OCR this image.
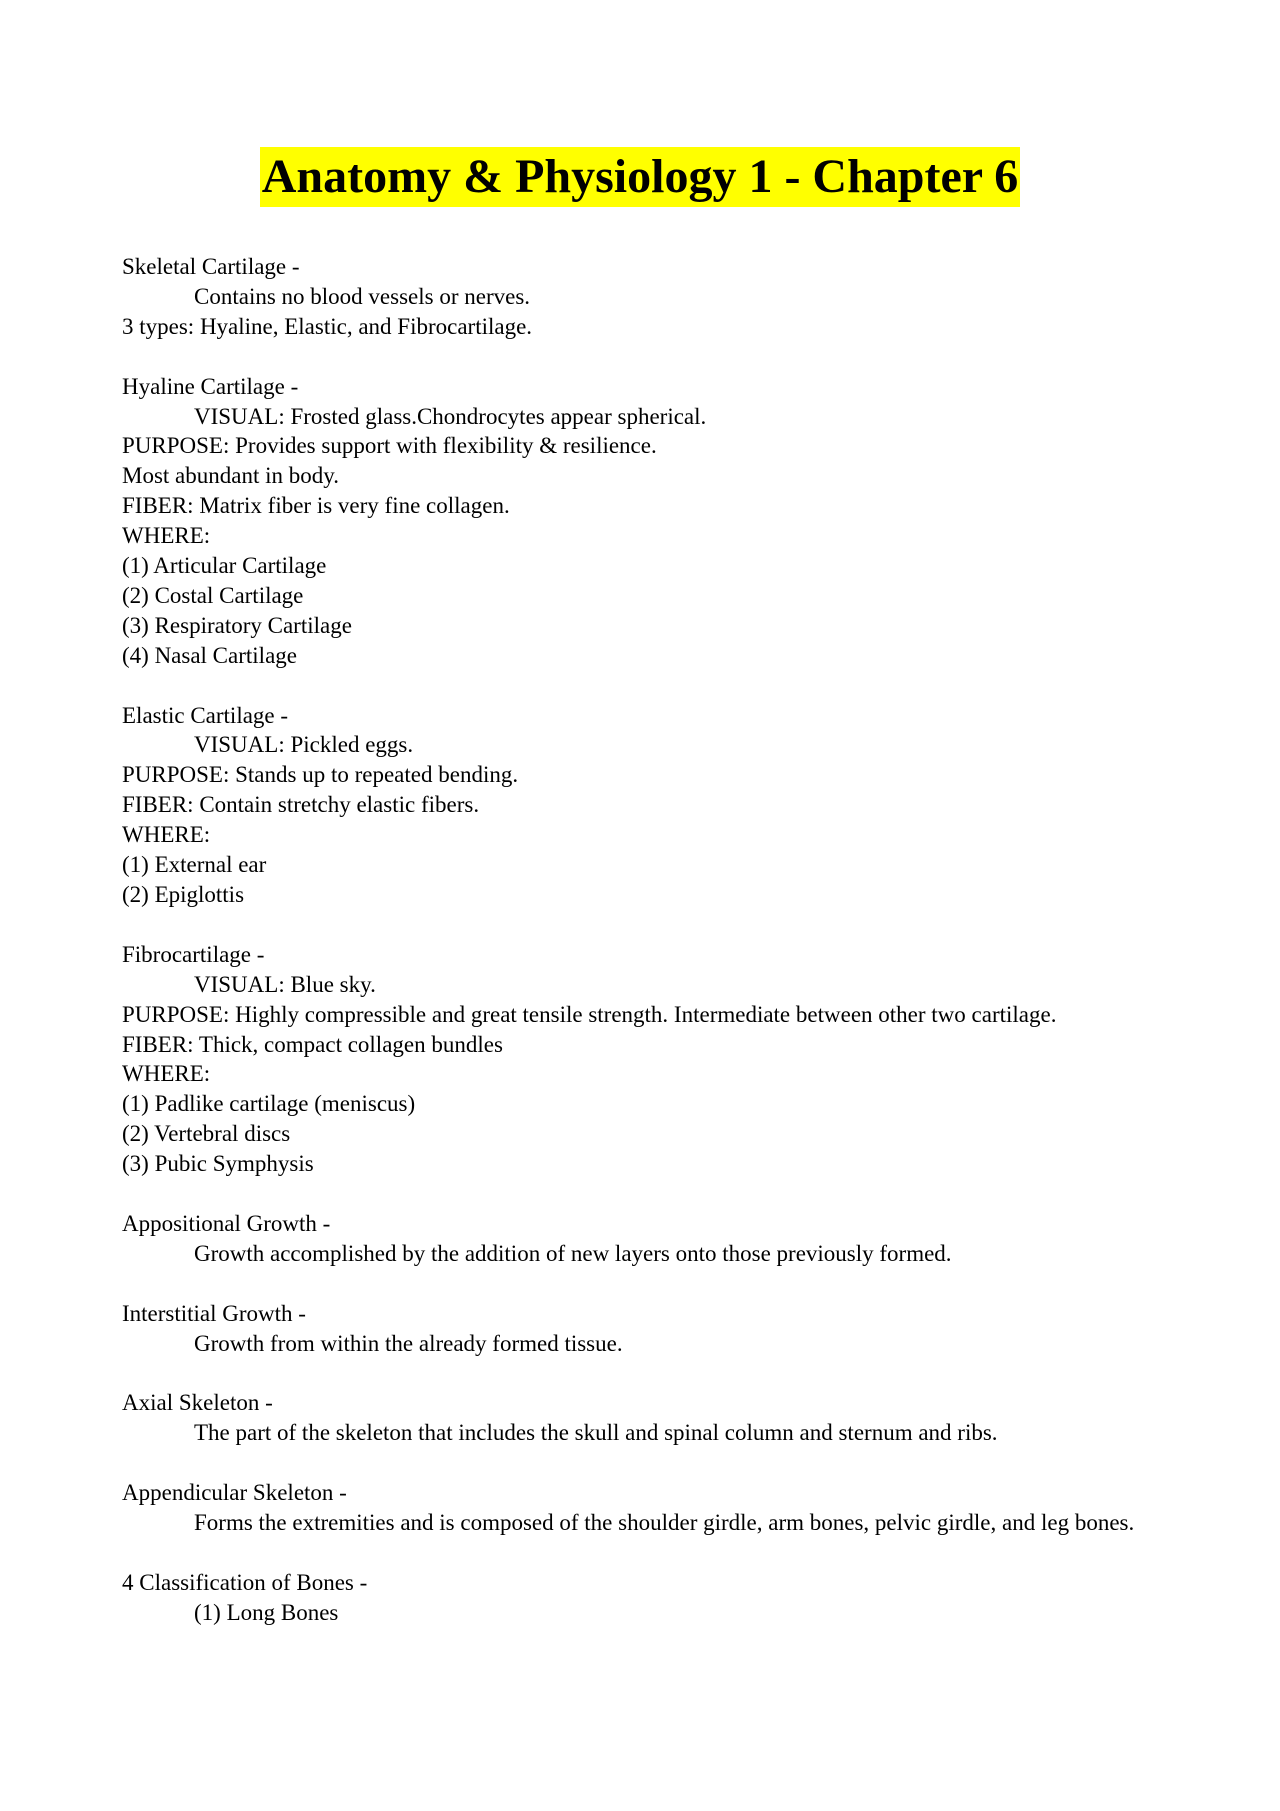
Anatomy & Physiology 1 - Chapter 6
Skeletal Cartilage -
Contains no blood vessels or nerves.
3 types: Hyaline, Elastic, and Fibrocartilage.
Hyaline Cartilage -
VISUAL: Frosted glass.Chondrocytes appear spherical.
PURPOSE: Provides support with flexibility & resilience.
Most abundant in body.
FIBER: Matrix fiber is very fine collagen.
WHERE:
(1) Articular Cartilage
(2) Costal Cartilage
(3) Respiratory Cartilage
(4) Nasal Cartilage
Elastic Cartilage -
VISUAL: Pickled eggs.
PURPOSE: Stands up to repeated bending.
FIBER: Contain stretchy elastic fibers.
WHERE:
(1) External ear
(2) Epiglottis
Fibrocartilage -
VISUAL: Blue sky.
PURPOSE: Highly compressible and great tensile strength. Intermediate between other two cartilage.
FIBER: Thick, compact collagen bundles
WHERE:
(1) Padlike cartilage (meniscus)
(2) Vertebral discs
(3) Pubic Symphysis
Appositional Growth -
Growth accomplished by the addition of new layers onto those previously formed.
Interstitial Growth -
Growth from within the already formed tissue.
Axial Skeleton -
The part of the skeleton that includes the skull and spinal column and sternum and ribs.
Appendicular Skeleton -
Forms the extremities and is composed of the shoulder girdle, arm bones, pelvic girdle, and leg bones.
4 Classification of Bones -
(1) Long Bones
